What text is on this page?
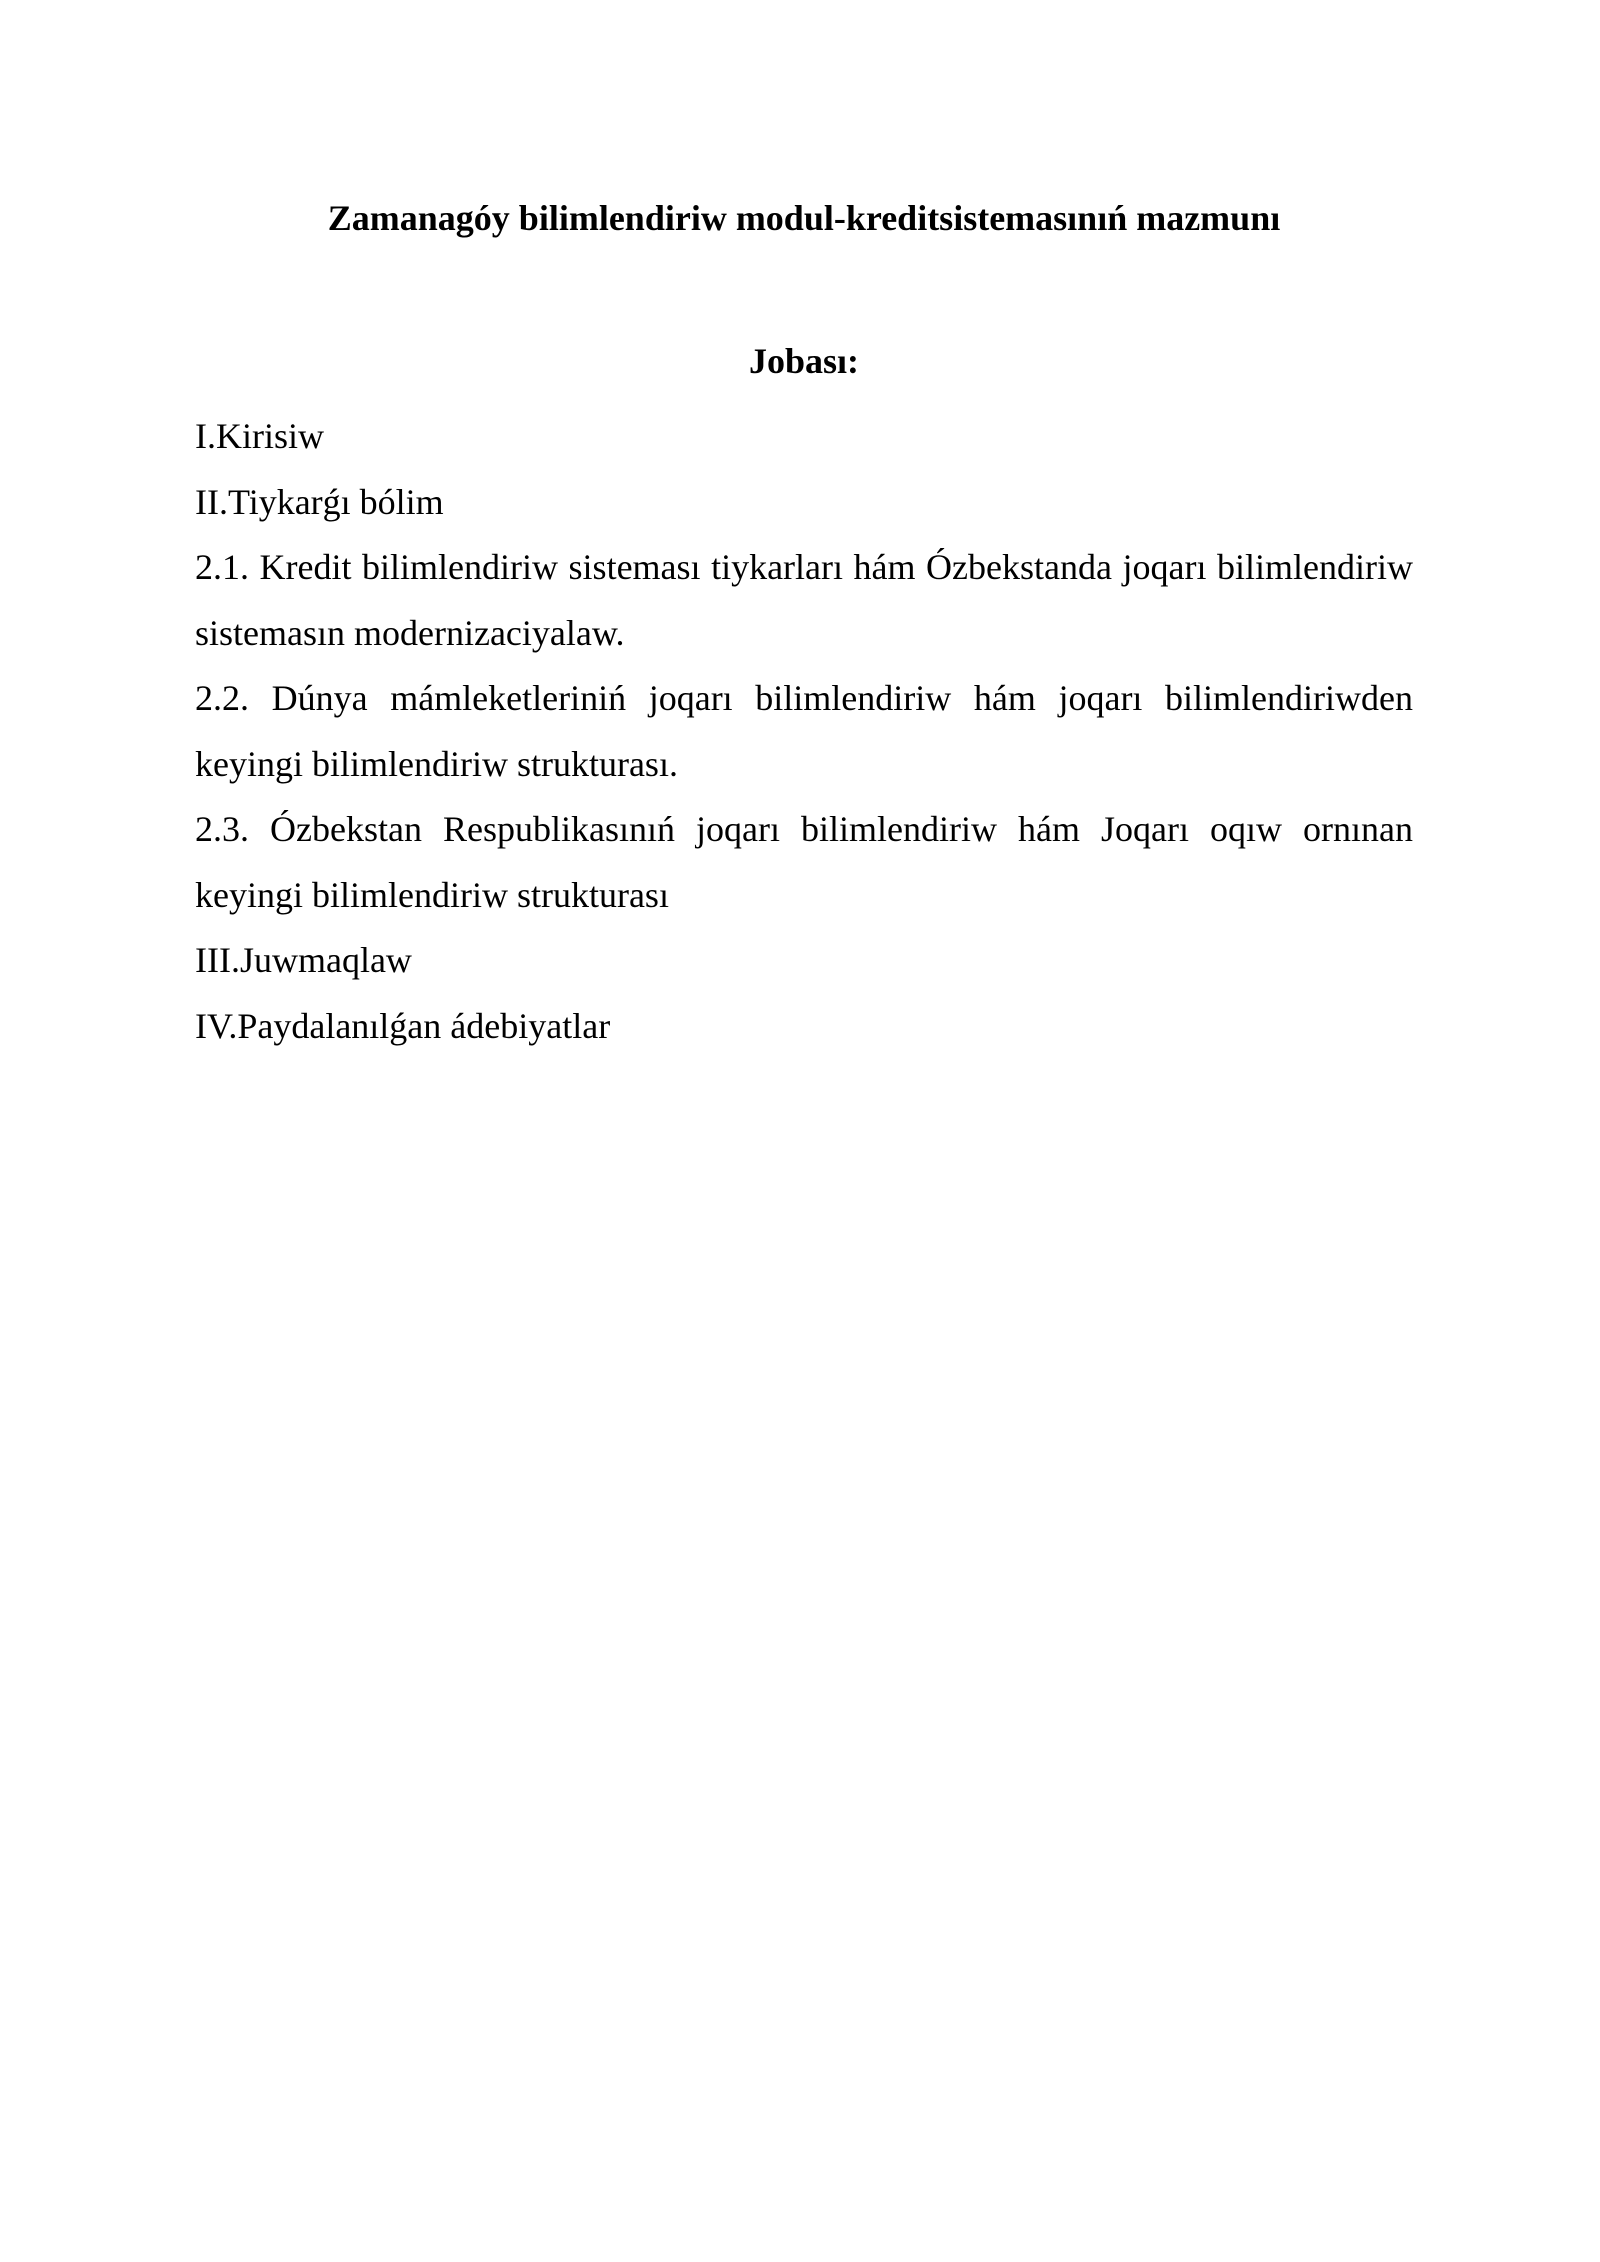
Zamanagóy bilimlendiriw modul-kreditsistemasınıń mazmunı
Jobası:
I.Kirisiw
II.Tiykarǵı bólim
2.1. Kredit bilimlendiriw sisteması tiykarları hám Ózbekstanda joqarı bilimlendiriw sistemasın modernizaciyalaw.
2.2. Dúnya mámleketleriniń joqarı bilimlendiriw hám joqarı bilimlendiriwden keyingi bilimlendiriw strukturası.
2.3. Ózbekstan Respublikasınıń joqarı bilimlendiriw hám Joqarı oqıw ornınan keyingi bilimlendiriw strukturası
III.Juwmaqlaw
IV.Paydalanılǵan ádebiyatlar
